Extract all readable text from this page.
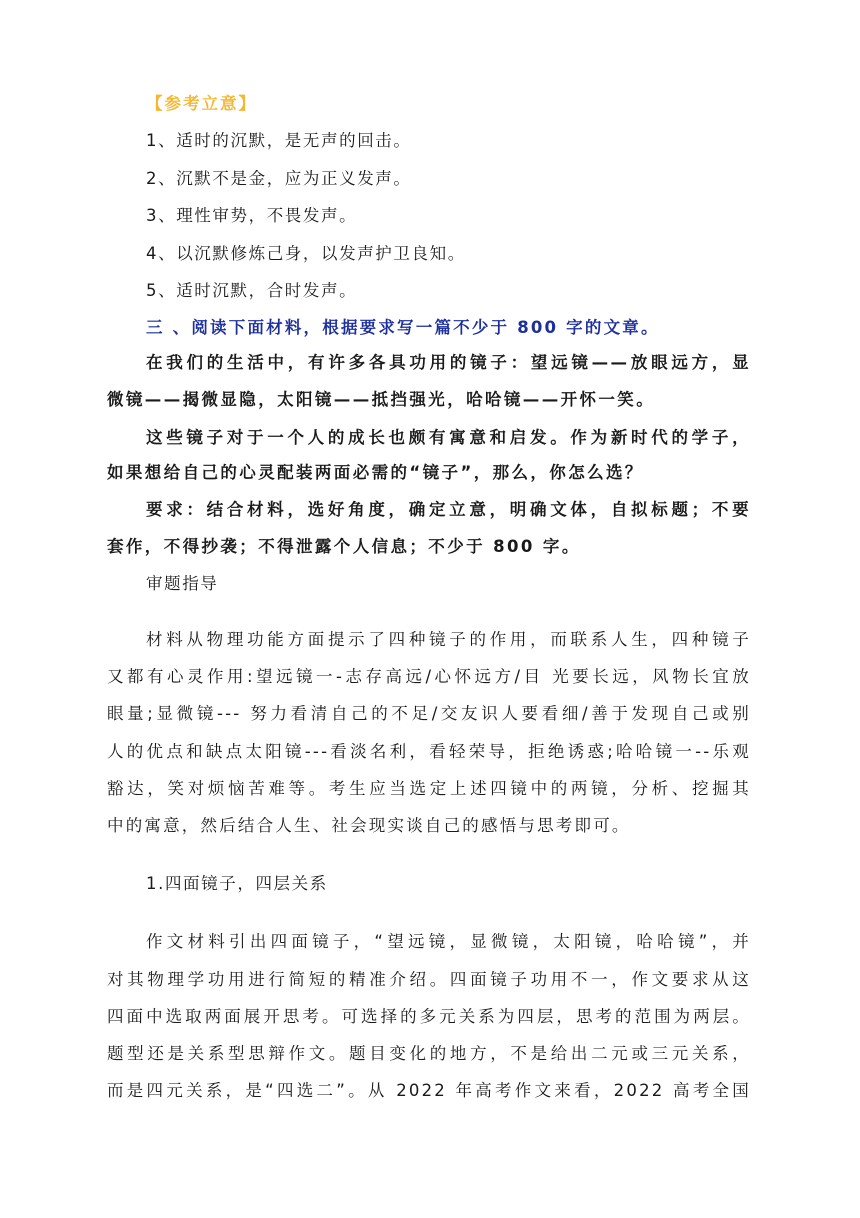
【参考立意】
1、适时的沉默，是无声的回击。
2、沉默不是金，应为正义发声。
3、理性审势，不畏发声。
4、以沉默修炼己身，以发声护卫良知。
5、适时沉默，合时发声。
三 、阅读下面材料，根据要求写一篇不少于 800 字的文章。
在我们的生活中，有许多各具功用的镜子：望远镜——放眼远方，显
微镜——揭微显隐，太阳镜——抵挡强光，哈哈镜——开怀一笑。
这些镜子对于一个人的成长也颇有寓意和启发。作为新时代的学子，
如果想给自己的心灵配装两面必需的“镜子”，那么，你怎么选？
要求：结合材料，选好角度，确定立意，明确文体，自拟标题；不要
套作，不得抄袭；不得泄露个人信息；不少于 800 字。
审题指导
材料从物理功能方面提示了四种镜子的作用，而联系人生，四种镜子
又都有心灵作用:望远镜一-志存高远/心怀远方/目 光要长远，风物长宜放
眼量;显微镜--- 努力看清自己的不足/交友识人要看细/善于发现自己或别
人的优点和缺点太阳镜---看淡名利，看轻荣导，拒绝诱惑;哈哈镜一--乐观
豁达，笑对烦恼苦难等。考生应当选定上述四镜中的两镜，分析、挖掘其
中的寓意，然后结合人生、社会现实谈自己的感悟与思考即可。
1.四面镜子，四层关系
作文材料引出四面镜子，“望远镜，显微镜，太阳镜，哈哈镜”，并
对其物理学功用进行简短的精准介绍。四面镜子功用不一，作文要求从这
四面中选取两面展开思考。可选择的多元关系为四层，思考的范围为两层。
题型还是关系型思辩作文。题目变化的地方，不是给出二元或三元关系，
而是四元关系，是“四选二”。从 2022 年高考作文来看，2022 高考全国
